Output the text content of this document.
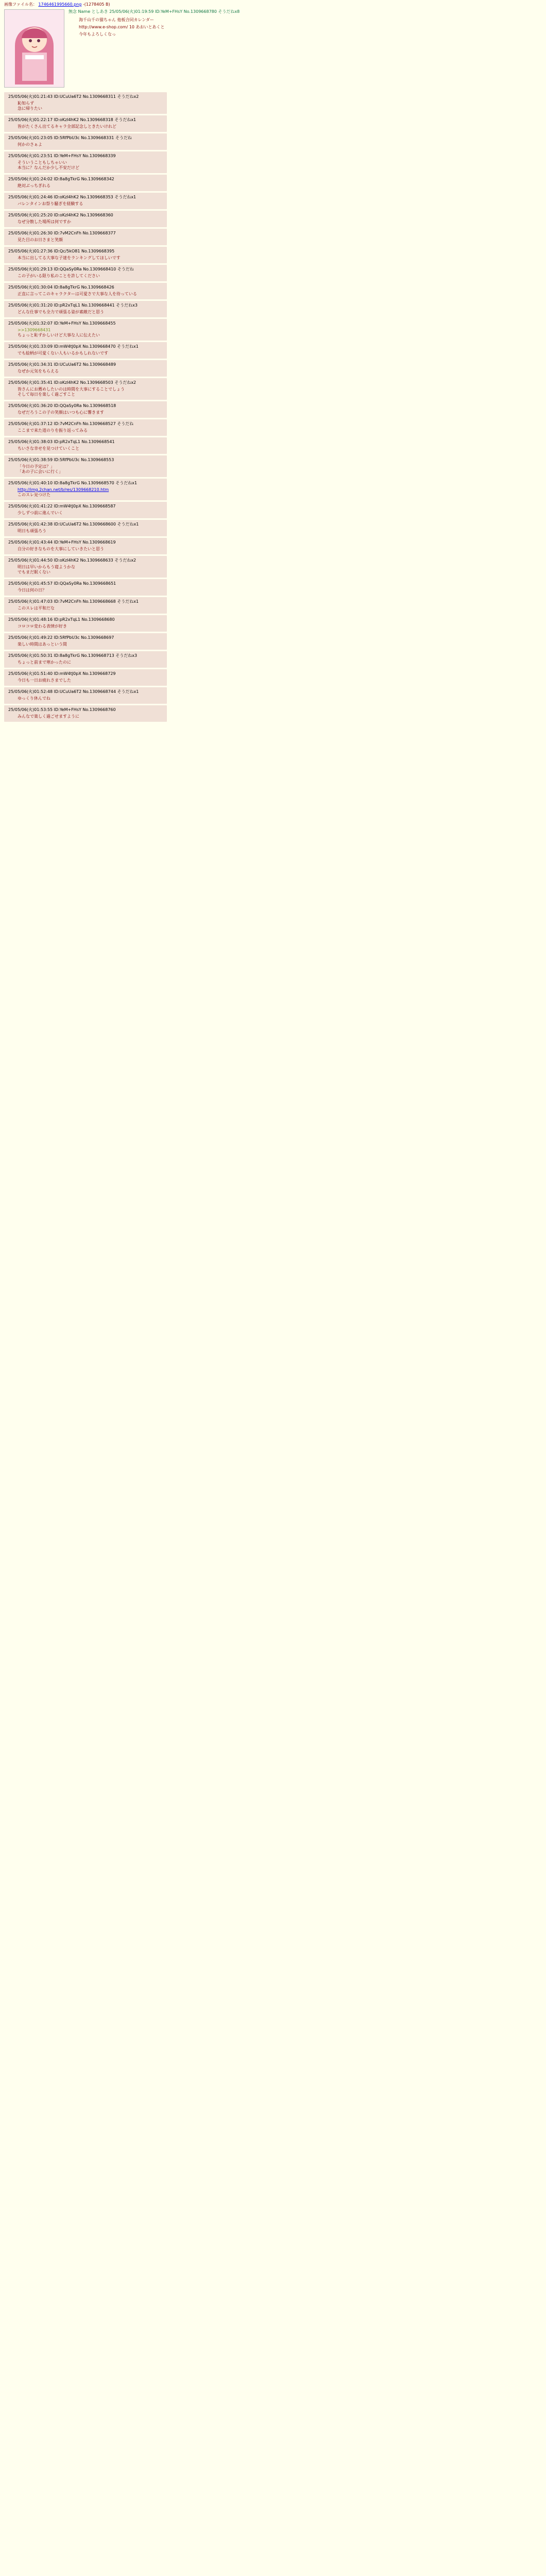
画像ファイル名： 1746461995660.png -(1278405 B)
無念 Name としあき 25/05/06(火)01:19:59 ID:YeM+FHsY No.1309668780 そうだねx8
海千山千の猫ちゃん 他板合同カレンダー
http://www.e-shop.com/ 10 あおいとあくと
今年もよろしくなっ
25/05/06(火)01:21:43 ID:UCuUa6T2 No.1309668311 そうだねx2
恥知らず
急に帰りたい
25/05/06(火)01:22:17 ID:oKzI4hK2 No.1309668318 そうだねx1
皆がたくさん出てるキャラ全部記念しときたいけれど
25/05/06(火)01:23:05 ID:5RfPbU3c No.1309668331 そうだね
何かのさぁよ
25/05/06(火)01:23:51 ID:YeM+FHsY No.1309668339
そういうこともしちゃいい
本当に？なんだか少し不安だけど
25/05/06(火)01:24:02 ID:8a8gTkrG No.1309668342
絶対ぶっちぎれる
25/05/06(火)01:24:46 ID:oKzI4hK2 No.1309668353 そうだねx1
バレンタインお祭り騒ぎを経験する
25/05/06(火)01:25:20 ID:oKzI4hK2 No.1309668360
なぜ分散した場所は何ですか
25/05/06(火)01:26:30 ID:7vM2CnFh No.1309668377
見た目のお日さまと笑顔
25/05/06(火)01:27:36 ID:Qc/5kO81 No.1309668395
本当に出してる大事な子達をランキングしてほしいです
25/05/06(火)01:29:13 ID:QQaSy0Ra No.1309668410 そうだね
この子がいる限り私のことを許してください
25/05/06(火)01:30:04 ID:8a8gTkrG No.1309668426
正直に言ってこのキャラクターは可愛さで大事な人を待っている
25/05/06(火)01:31:20 ID:pR2xTqL1 No.1309668441 そうだねx3
どんな仕事でも全力で頑張る姿が素敵だと思う
25/05/06(火)01:32:07 ID:YeM+FHsY No.1309668455
>>1309668431
ちょっと恥ずかしいけど大事な人に伝えたい
25/05/06(火)01:33:09 ID:mW4tJ0pX No.1309668470 そうだねx1
でも絵柄が可愛くない人もいるかもしれないです
25/05/06(火)01:34:31 ID:UCuUa6T2 No.1309668489
なぜか元気をもらえる
25/05/06(火)01:35:41 ID:oKzI4hK2 No.1309668503 そうだねx2
皆さんにお薦めしたいのは時間を大事にすることでしょう
そして毎日を楽しく過ごすこと
25/05/06(火)01:36:20 ID:QQaSy0Ra No.1309668518
なぜだろうこの子の笑顔はいつも心に響きます
25/05/06(火)01:37:12 ID:7vM2CnFh No.1309668527 そうだね
ここまで来た道のりを振り返ってみる
25/05/06(火)01:38:03 ID:pR2xTqL1 No.1309668541
ちいさな幸せを見つけていくこと
25/05/06(火)01:38:59 ID:5RfPbU3c No.1309668553
「今日の予定は？」
「あの子に会いに行く」
25/05/06(火)01:40:10 ID:8a8gTkrG No.1309668570 そうだねx1
http://img.2chan.net/b/res/1309668210.htm
このスレ見つけた
25/05/06(火)01:41:22 ID:mW4tJ0pX No.1309668587
少しずつ前に進んでいく
25/05/06(火)01:42:38 ID:UCuUa6T2 No.1309668600 そうだねx1
明日も頑張ろう
25/05/06(火)01:43:44 ID:YeM+FHsY No.1309668619
自分の好きなものを大事にしていきたいと思う
25/05/06(火)01:44:50 ID:oKzI4hK2 No.1309668633 そうだねx2
明日は早いからもう寝ようかな
でもまだ眠くない
25/05/06(火)01:45:57 ID:QQaSy0Ra No.1309668651
今日は何の日？
25/05/06(火)01:47:03 ID:7vM2CnFh No.1309668668 そうだねx1
このスレは平和だな
25/05/06(火)01:48:16 ID:pR2xTqL1 No.1309668680
コロコロ変わる表情が好き
25/05/06(火)01:49:22 ID:5RfPbU3c No.1309668697
楽しい時間はあっという間
25/05/06(火)01:50:31 ID:8a8gTkrG No.1309668713 そうだねx3
ちょっと前まで寒かったのに
25/05/06(火)01:51:40 ID:mW4tJ0pX No.1309668729
今日も一日お疲れさまでした
25/05/06(火)01:52:48 ID:UCuUa6T2 No.1309668744 そうだねx1
ゆっくり休んでね
25/05/06(火)01:53:55 ID:YeM+FHsY No.1309668760
みんなで楽しく過ごせますように
